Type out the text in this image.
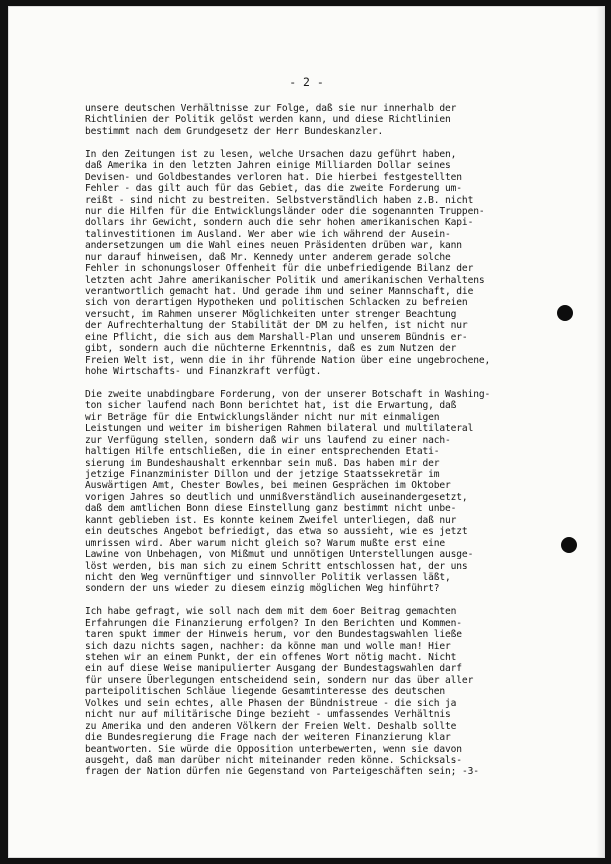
- 2 -
unsere deutschen Verhältnisse zur Folge, daß sie nur innerhalb der
Richtlinien der Politik gelöst werden kann, und diese Richtlinien
bestimmt nach dem Grundgesetz der Herr Bundeskanzler.
In den Zeitungen ist zu lesen, welche Ursachen dazu geführt haben,
daß Amerika in den letzten Jahren einige Milliarden Dollar seines
Devisen- und Goldbestandes verloren hat. Die hierbei festgestellten
Fehler - das gilt auch für das Gebiet, das die zweite Forderung um-
reißt - sind nicht zu bestreiten. Selbstverständlich haben z.B. nicht
nur die Hilfen für die Entwicklungsländer oder die sogenannten Truppen-
dollars ihr Gewicht, sondern auch die sehr hohen amerikanischen Kapi-
talinvestitionen im Ausland. Wer aber wie ich während der Ausein-
andersetzungen um die Wahl eines neuen Präsidenten drüben war, kann
nur darauf hinweisen, daß Mr. Kennedy unter anderem gerade solche
Fehler in schonungsloser Offenheit für die unbefriedigende Bilanz der
letzten acht Jahre amerikanischer Politik und amerikanischen Verhaltens
verantwortlich gemacht hat. Und gerade ihm und seiner Mannschaft, die
sich von derartigen Hypotheken und politischen Schlacken zu befreien
versucht, im Rahmen unserer Möglichkeiten unter strenger Beachtung
der Aufrechterhaltung der Stabilität der DM zu helfen, ist nicht nur
eine Pflicht, die sich aus dem Marshall-Plan und unserem Bündnis er-
gibt, sondern auch die nüchterne Erkenntnis, daß es zum Nutzen der
Freien Welt ist, wenn die in ihr führende Nation über eine ungebrochene,
hohe Wirtschafts- und Finanzkraft verfügt.
Die zweite unabdingbare Forderung, von der unserer Botschaft in Washing-
ton sicher laufend nach Bonn berichtet hat, ist die Erwartung, daß
wir Beträge für die Entwicklungsländer nicht nur mit einmaligen
Leistungen und weiter im bisherigen Rahmen bilateral und multilateral
zur Verfügung stellen, sondern daß wir uns laufend zu einer nach-
haltigen Hilfe entschließen, die in einer entsprechenden Etati-
sierung im Bundeshaushalt erkennbar sein muß. Das haben mir der
jetzige Finanzminister Dillon und der jetzige Staatssekretär im
Auswärtigen Amt, Chester Bowles, bei meinen Gesprächen im Oktober
vorigen Jahres so deutlich und unmißverständlich auseinandergesetzt,
daß dem amtlichen Bonn diese Einstellung ganz bestimmt nicht unbe-
kannt geblieben ist. Es konnte keinem Zweifel unterliegen, daß nur
ein deutsches Angebot befriedigt, das etwa so aussieht, wie es jetzt
umrissen wird. Aber warum nicht gleich so? Warum mußte erst eine
Lawine von Unbehagen, von Mißmut und unnötigen Unterstellungen ausge-
löst werden, bis man sich zu einem Schritt entschlossen hat, der uns
nicht den Weg vernünftiger und sinnvoller Politik verlassen läßt,
sondern der uns wieder zu diesem einzig möglichen Weg hinführt?
Ich habe gefragt, wie soll nach dem mit dem 6oer Beitrag gemachten
Erfahrungen die Finanzierung erfolgen? In den Berichten und Kommen-
taren spukt immer der Hinweis herum, vor den Bundestagswahlen ließe
sich dazu nichts sagen, nachher: da könne man und wolle man! Hier
stehen wir an einem Punkt, der ein offenes Wort nötig macht. Nicht
ein auf diese Weise manipulierter Ausgang der Bundestagswahlen darf
für unsere Überlegungen entscheidend sein, sondern nur das über aller
parteipolitischen Schläue liegende Gesamtinteresse des deutschen
Volkes und sein echtes, alle Phasen der Bündnistreue - die sich ja
nicht nur auf militärische Dinge bezieht - umfassendes Verhältnis
zu Amerika und den anderen Völkern der Freien Welt. Deshalb sollte
die Bundesregierung die Frage nach der weiteren Finanzierung klar
beantworten. Sie würde die Opposition unterbewerten, wenn sie davon
ausgeht, daß man darüber nicht miteinander reden könne. Schicksals-
fragen der Nation dürfen nie Gegenstand von Parteigeschäften sein; -3-
